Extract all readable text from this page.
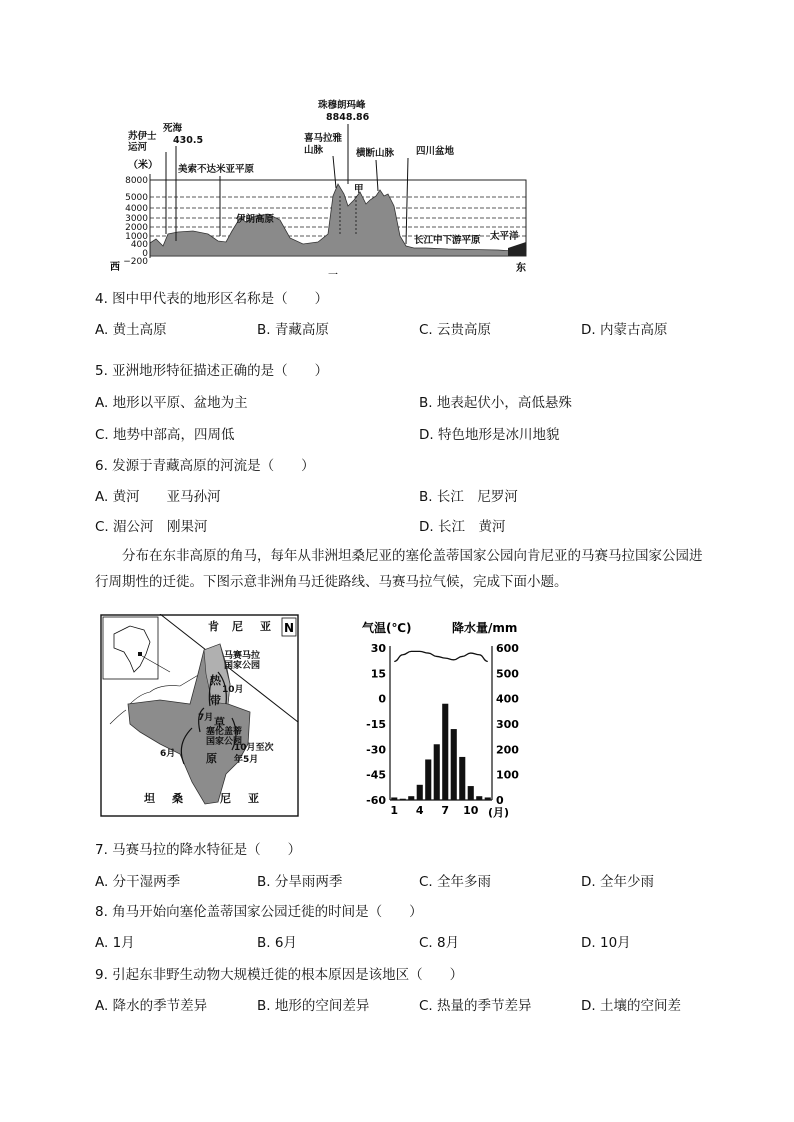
8000
5000
4000
3000
2000
1000
400
0
−200
（米）
西	东
一
苏伊士
运河
死海
430.5
珠穆朗玛峰
8848.86
美索不达米亚平原
伊朗高原
喜马拉雅
山脉	横断山脉 四川盆地
甲
长江中下游平原 太平洋
4. 图中甲代表的地形区名称是（　　）
A. 黄土高原	B. 青藏高原	C. 云贵高原	D. 内蒙古高原
5. 亚洲地形特征描述正确的是（　　）
A. 地形以平原、盆地为主	B. 地表起伏小，高低悬殊
C. 地势中部高，四周低	D. 特色地形是冰川地貌
6. 发源于青藏高原的河流是（　　）
A. 黄河　　亚马孙河	B. 长江　尼罗河
C. 湄公河　刚果河	D. 长江　黄河
分布在东非高原的角马，每年从非洲坦桑尼亚的塞伦盖蒂国家公园向肯尼亚的马赛马拉国家公园进行周期性的迁徙。下图示意非洲角马迁徙路线、马赛马拉气候，完成下面小题。
N
肯 尼 亚
坦 桑	尼 亚
马赛马拉
国家公园
塞伦盖蒂
国家公园
10月
7月
6月
10月至次
年5月
热
带
草
原
气温(℃)	降水量/mm
30
15
0
-15
-30
-45
-60
600
500
400
300
200
100
0
1 4 7 10 (月)
7. 马赛马拉的降水特征是（　　）
A. 分干湿两季	B. 分旱雨两季	C. 全年多雨	D. 全年少雨
8. 角马开始向塞伦盖蒂国家公园迁徙的时间是（　　）
A. 1月	B. 6月	C. 8月	D. 10月
9. 引起东非野生动物大规模迁徙的根本原因是该地区（　　）
A. 降水的季节差异	B. 地形的空间差异	C. 热量的季节差异	D. 土壤的空间差
